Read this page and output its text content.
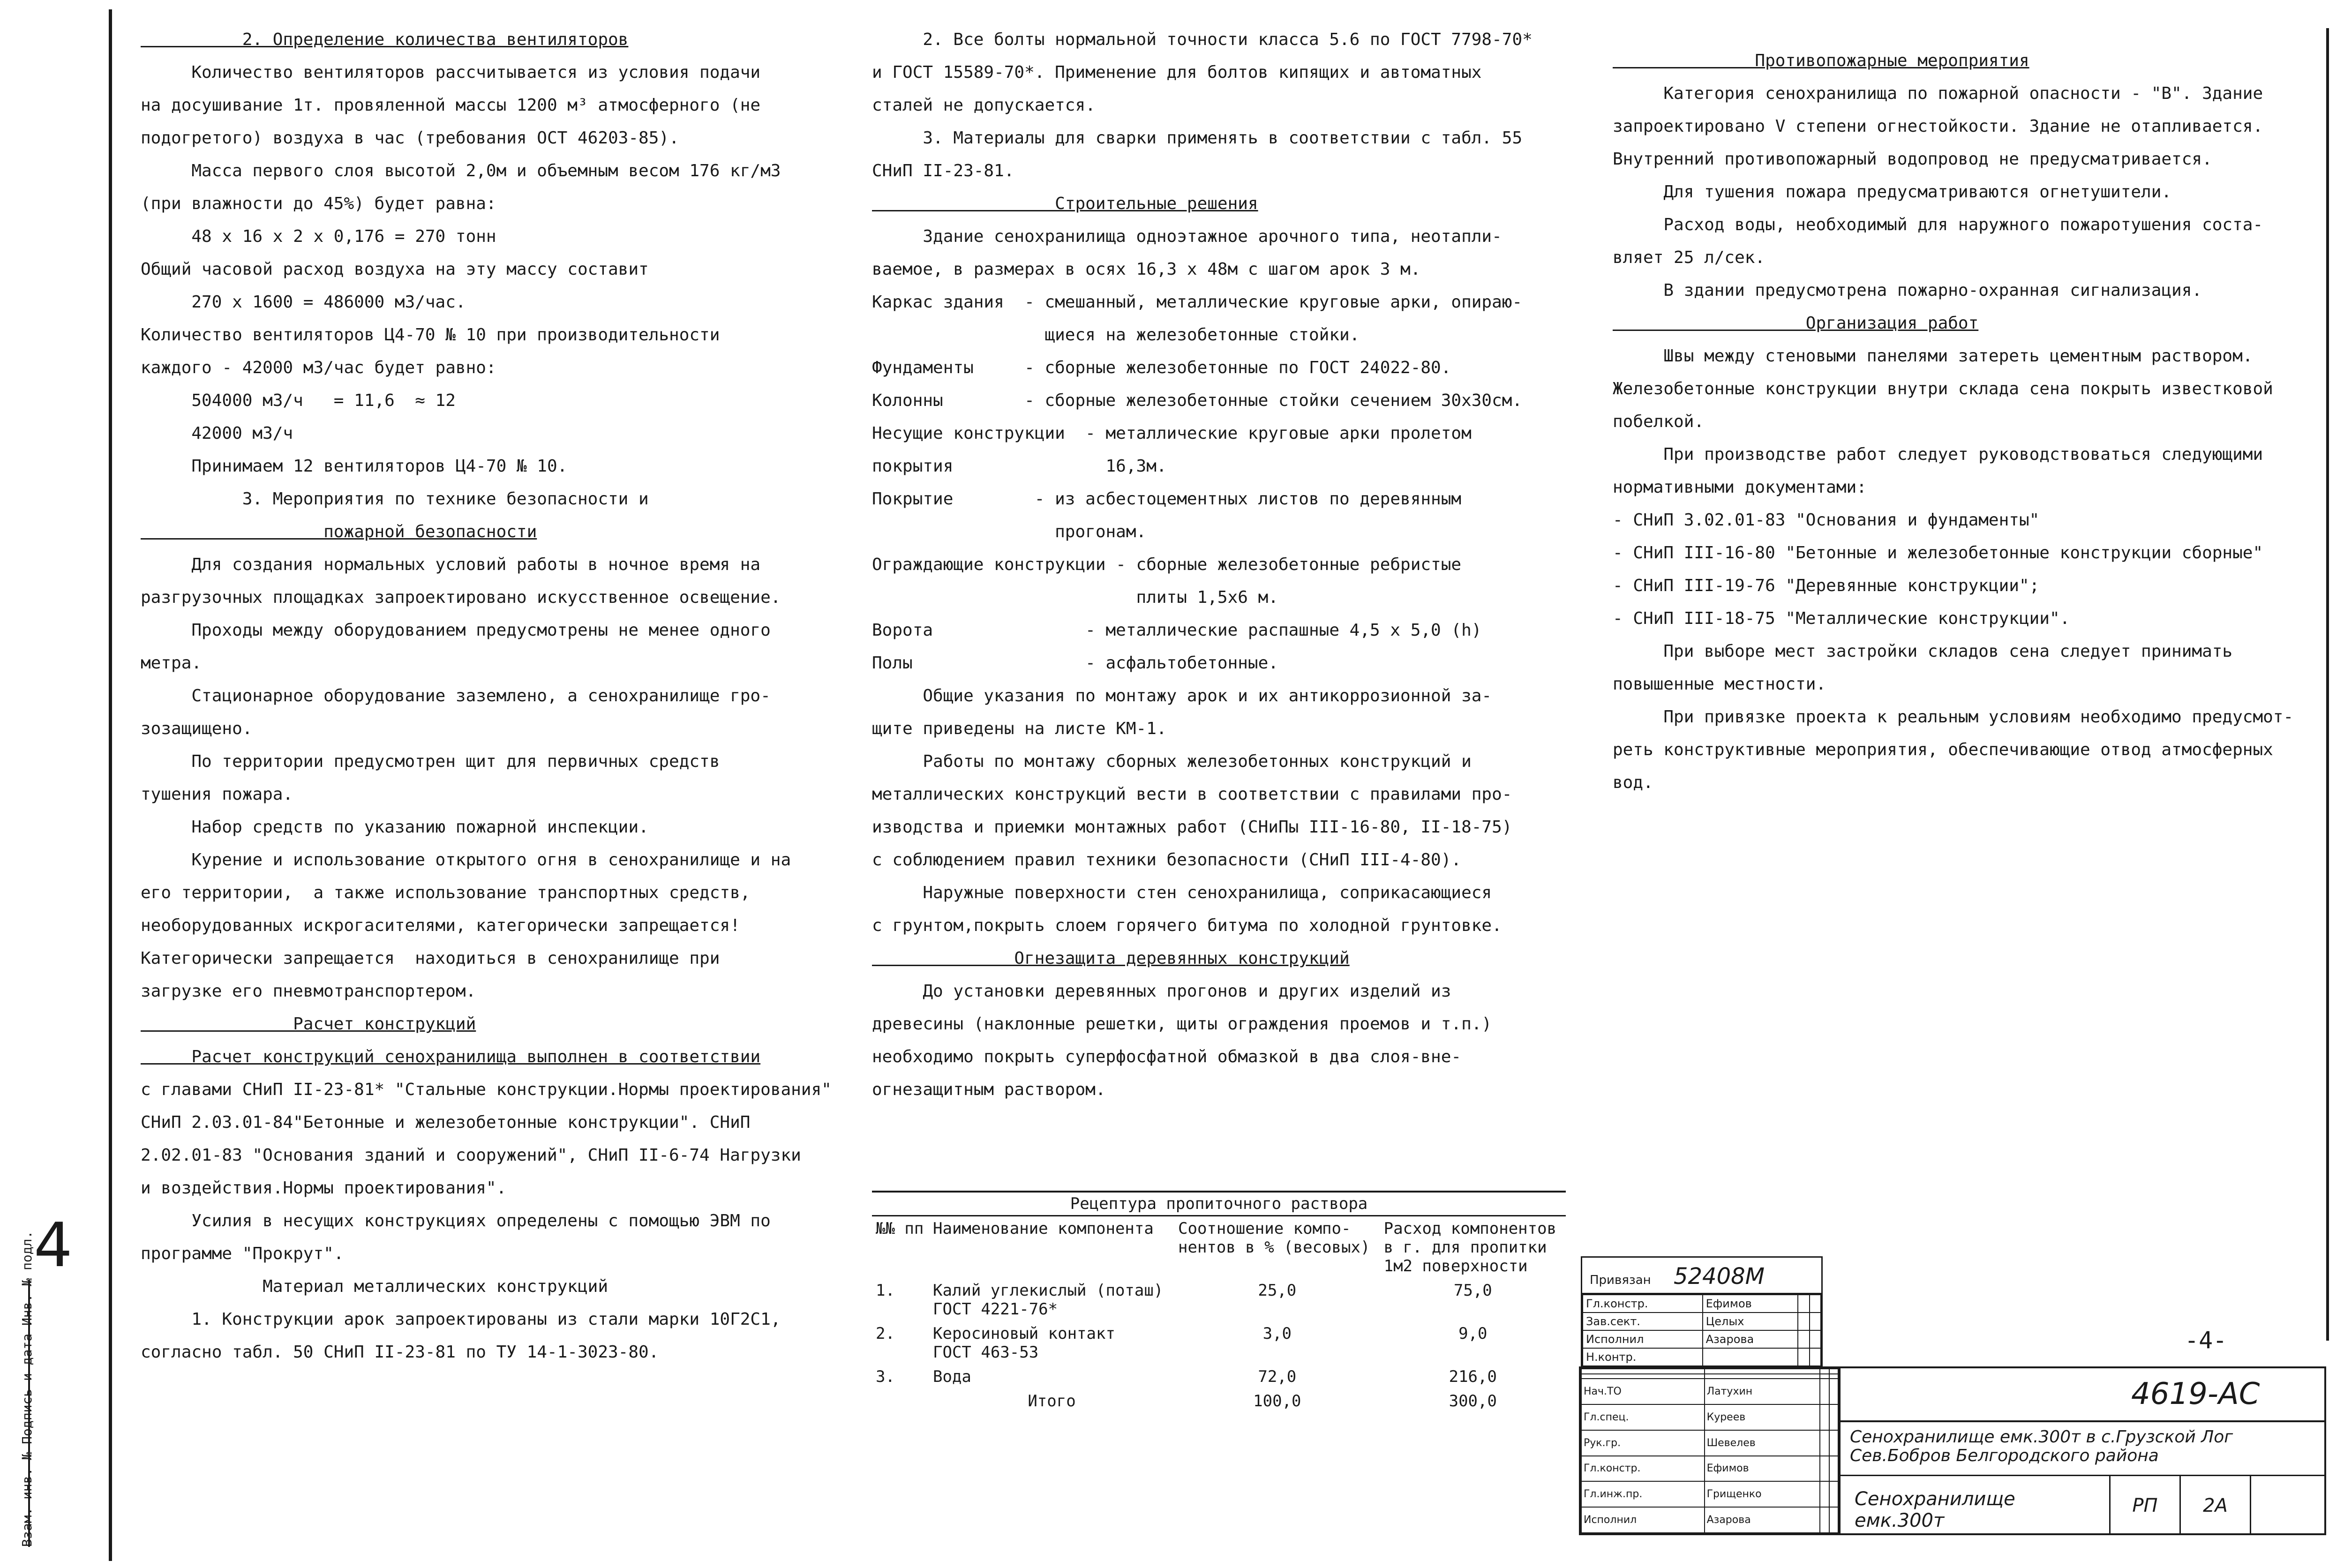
2. Определение количества вентиляторов

Количество вентиляторов рассчитывается из условия подачи

на досушивание 1т. провяленной массы 1200 м³ атмосферного (не

подогретого) воздуха в час (требования ОСТ 46203-85).

Масса первого слоя высотой 2,0м и объемным весом 176 кг/м3

(при влажности до 45%) будет равна:

48 x 16 x 2 x 0,176 = 270 тонн

Общий часовой расход воздуха на эту массу составит

270 x 1600 = 486000 м3/час.

Количество вентиляторов Ц4-70 № 10 при производительности

каждого - 42000 м3/час будет равно:

504000 м3/ч   = 11,6  ≈ 12

42000 м3/ч

Принимаем 12 вентиляторов Ц4-70 № 10.

3. Мероприятия по технике безопасности и

пожарной безопасности

Для создания нормальных условий работы в ночное время на

разгрузочных площадках запроектировано искусственное освещение.

Проходы между оборудованием предусмотрены не менее одного

метра.

Стационарное оборудование заземлено, а сенохранилище гро-

зозащищено.

По территории предусмотрен щит для первичных средств

тушения пожара.

Набор средств по указанию пожарной инспекции.

Курение и использование открытого огня в сенохранилище и на

его территории,  а также использование транспортных средств,

необорудованных искрогасителями, категорически запрещается!

Категорически запрещается  находиться в сенохранилище при

загрузке его пневмотранспортером.

Расчет конструкций

Расчет конструкций сенохранилища выполнен в соответствии

с главами СНиП II-23-81* "Стальные конструкции.Нормы проектирования"

СНиП 2.03.01-84"Бетонные и железобетонные конструкции". СНиП

2.02.01-83 "Основания зданий и сооружений", СНиП II-6-74 Нагрузки

и воздействия.Нормы проектирования".

Усилия в несущих конструкциях определены с помощью ЭВМ по

программе "Прокрут".

Материал металлических конструкций

1. Конструкции арок запроектированы из стали марки 10Г2С1,

согласно табл. 50 СНиП II-23-81 по ТУ 14-1-3023-80.

2. Все болты нормальной точности класса 5.6 по ГОСТ 7798-70*

и ГОСТ 15589-70*. Применение для болтов кипящих и автоматных

сталей не допускается.

3. Материалы для сварки применять в соответствии с табл. 55

СНиП II-23-81.

Строительные решения

Здание сенохранилища одноэтажное арочного типа, неотапли-

ваемое, в размерах в осях 16,3 x 48м с шагом арок 3 м.

Каркас здания  - смешанный, металлические круговые арки, опираю-

щиеся на железобетонные стойки.

Фундаменты     - сборные железобетонные по ГОСТ 24022-80.

Колонны        - сборные железобетонные стойки сечением 30x30см.

Несущие конструкции  - металлические круговые арки пролетом

покрытия               16,3м.

Покрытие        - из асбестоцементных листов по деревянным

прогонам.

Ограждающие конструкции - сборные железобетонные ребристые

плиты 1,5x6 м.

Ворота               - металлические распашные 4,5 x 5,0 (h)

Полы                 - асфальтобетонные.

Общие указания по монтажу арок и их антикоррозионной за-

щите приведены на листе КМ-1.

Работы по монтажу сборных железобетонных конструкций и

металлических конструкций вести в соответствии с правилами про-

изводства и приемки монтажных работ (СНиПы III-16-80, II-18-75)

с соблюдением правил техники безопасности (СНиП III-4-80).

Наружные поверхности стен сенохранилища, соприкасающиеся

с грунтом,покрыть слоем горячего битума по холодной грунтовке.

Огнезащита деревянных конструкций

До установки деревянных прогонов и других изделий из

древесины (наклонные решетки, щиты ограждения проемов и т.п.)

необходимо покрыть суперфосфатной обмазкой в два слоя-вне-

огнезащитным раствором.

Противопожарные мероприятия

Категория сенохранилища по пожарной опасности - "В". Здание

запроектировано V степени огнестойкости. Здание не отапливается.

Внутренний противопожарный водопровод не предусматривается.

Для тушения пожара предусматриваются огнетушители.

Расход воды, необходимый для наружного пожаротушения соста-

вляет 25 л/сек.

В здании предусмотрена пожарно-охранная сигнализация.

Организация работ

Швы между стеновыми панелями затереть цементным раствором.

Железобетонные конструкции внутри склада сена покрыть известковой

побелкой.

При производстве работ следует руководствоваться следующими

нормативными документами:

- СНиП 3.02.01-83 "Основания и фундаменты"

- СНиП III-16-80 "Бетонные и железобетонные конструкции сборные"

- СНиП III-19-76 "Деревянные конструкции";

- СНиП III-18-75 "Металлические конструкции".

При выборе мест застройки складов сена следует принимать

повышенные местности.

При привязке проекта к реальным условиям необходимо предусмот-

реть конструктивные мероприятия, обеспечивающие отвод атмосферных

вод.

Рецептура пропиточного раствора
№№ пп	Наименование компонента	Соотношение компо-
нентов в % (весовых)	Расход компонентов
в г. для пропитки
1м2 поверхности
1.	Калий углекислый (поташ)
ГОСТ 4221-76*	25,0	75,0
2.	Керосиновый контакт
ГОСТ 463-53	3,0	9,0
3.	Вода	72,0	216,0
	Итого	100,0	300,0
4
Взам. инв. № Подпись и дата Инв. № подл.	Привязан 52408М
Гл.констр.	Ефимов		
Зав.сект.	Целых		
Исполнил	Азарова		
Н.контр.			
-4-

Нач.ТО	Латухин		
Гл.спец.	Куреев		
Рук.гр.	Шевелев		
Гл.констр.	Ефимов		
Гл.инж.пр.	Грищенко		
Исполнил	Азарова		
4619-АС
Сенохранилище емк.300т в с.Грузской Лог Сев.Бобров Белгородского района
Сенохранилище емк.300т
РП	2А
